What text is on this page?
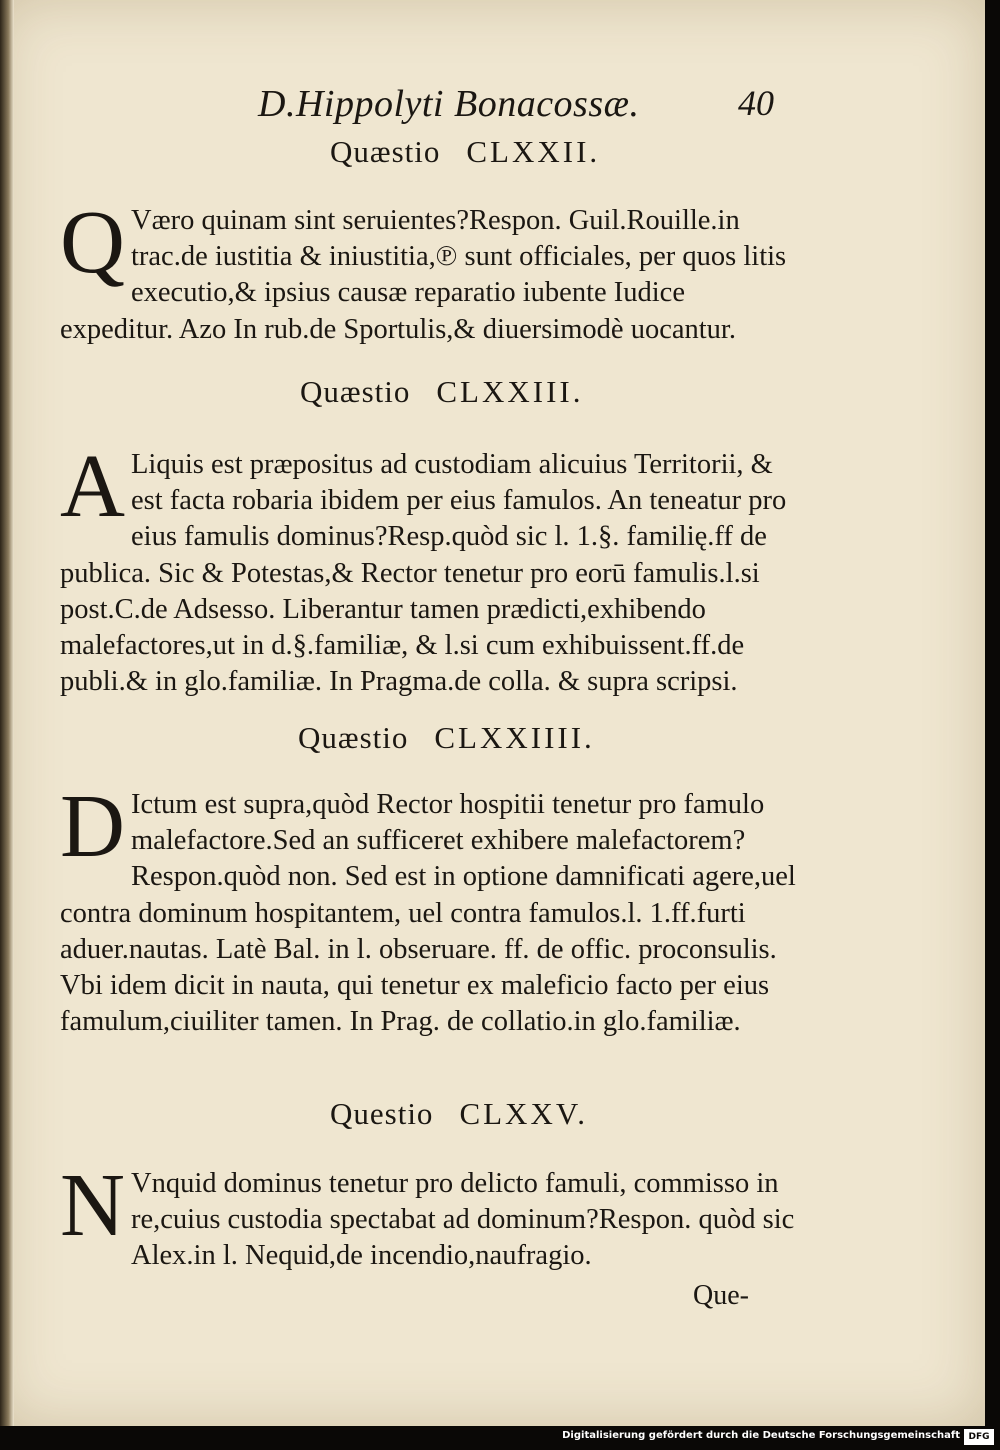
D.Hippolyti Bonacossæ.	40
Quæstio CLXXII.
Q Væro quinam sint seruientes?Respon. Guil.Rouille.in trac.de iustitia & iniustitia,℗ sunt officiales, per quos litis executio,& ipsius causæ reparatio iubente Iudice expeditur. Azo In rub.de Sportulis,& diuersimodè uocantur.
Quæstio CLXXIII.
A Liquis est præpositus ad custodiam alicuius Territorii, & est facta robaria ibidem per eius famulos. An teneatur pro eius famulis dominus?Resp.quòd sic l. 1.§. familię.ff de publica. Sic & Potestas,& Rector tenetur pro eorū famulis.l.si post.C.de Adsesso. Liberantur tamen prædicti,exhibendo malefactores,ut in d.§.familiæ, & l.si cum exhibuissent.ff.de publi.& in glo.familiæ. In Pragma.de colla. & supra scripsi.
Quæstio CLXXIIII.
D Ictum est supra,quòd Rector hospitii tenetur pro famulo malefactore.Sed an sufficeret exhibere malefactorem?Respon.quòd non. Sed est in optione damnificati agere,uel contra dominum hospitantem, uel contra famulos.l. 1.ff.furti aduer.nautas. Latè Bal. in l. obseruare. ff. de offic. proconsulis. Vbi idem dicit in nauta, qui tenetur ex maleficio facto per eius famulum,ciuiliter tamen. In Prag. de collatio.in glo.familiæ.
Questio CLXXV.
N Vnquid dominus tenetur pro delicto famuli, commisso in re,cuius custodia spectabat ad dominum?Respon. quòd sic Alex.in l. Nequid,de incendio,naufragio.
Que-
Digitalisierung gefördert durch die Deutsche Forschungsgemeinschaft DFG
